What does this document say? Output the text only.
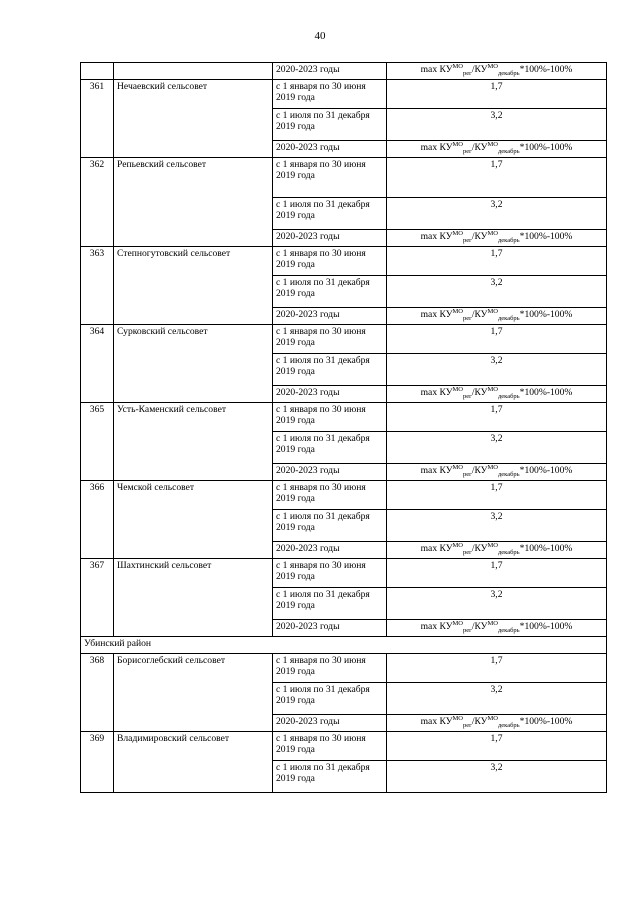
40
		2020-2023 годы	$\max КУ^{МО}_{рег}/КУ^{МО}_{декабрь}*100\%-100\%$
361	Нечаевский сельсовет	с 1 января по 30 июня 2019 года	1,7
		с 1 июля по 31 декабря 2019 года	3,2
		2020-2023 годы	$\max КУ^{МО}_{рег}/КУ^{МО}_{декабрь}*100\%-100\%$
362	Репьевский сельсовет	с 1 января по 30 июня 2019 года	1,7
		с 1 июля по 31 декабря 2019 года	3,2
		2020-2023 годы	$\max КУ^{МО}_{рег}/КУ^{МО}_{декабрь}*100\%-100\%$
363	Степногутовский сельсовет	с 1 января по 30 июня 2019 года	1,7
		с 1 июля по 31 декабря 2019 года	3,2
		2020-2023 годы	$\max КУ^{МО}_{рег}/КУ^{МО}_{декабрь}*100\%-100\%$
364	Сурковский сельсовет	с 1 января по 30 июня 2019 года	1,7
		с 1 июля по 31 декабря 2019 года	3,2
		2020-2023 годы	$\max КУ^{МО}_{рег}/КУ^{МО}_{декабрь}*100\%-100\%$
365	Усть-Каменский сельсовет	с 1 января по 30 июня 2019 года	1,7
		с 1 июля по 31 декабря 2019 года	3,2
		2020-2023 годы	$\max КУ^{МО}_{рег}/КУ^{МО}_{декабрь}*100\%-100\%$
366	Чемской сельсовет	с 1 января по 30 июня 2019 года	1,7
		с 1 июля по 31 декабря 2019 года	3,2
		2020-2023 годы	$\max КУ^{МО}_{рег}/КУ^{МО}_{декабрь}*100\%-100\%$
367	Шахтинский сельсовет	с 1 января по 30 июня 2019 года	1,7
		с 1 июля по 31 декабря 2019 года	3,2
		2020-2023 годы	$\max КУ^{МО}_{рег}/КУ^{МО}_{декабрь}*100\%-100\%$
Убинский район			
368	Борисоглебский сельсовет	с 1 января по 30 июня 2019 года	1,7
		с 1 июля по 31 декабря 2019 года	3,2
		2020-2023 годы	$\max КУ^{МО}_{рег}/КУ^{МО}_{декабрь}*100\%-100\%$
369	Владимировский сельсовет	с 1 января по 30 июня 2019 года	1,7
		с 1 июля по 31 декабря 2019 года	3,2
